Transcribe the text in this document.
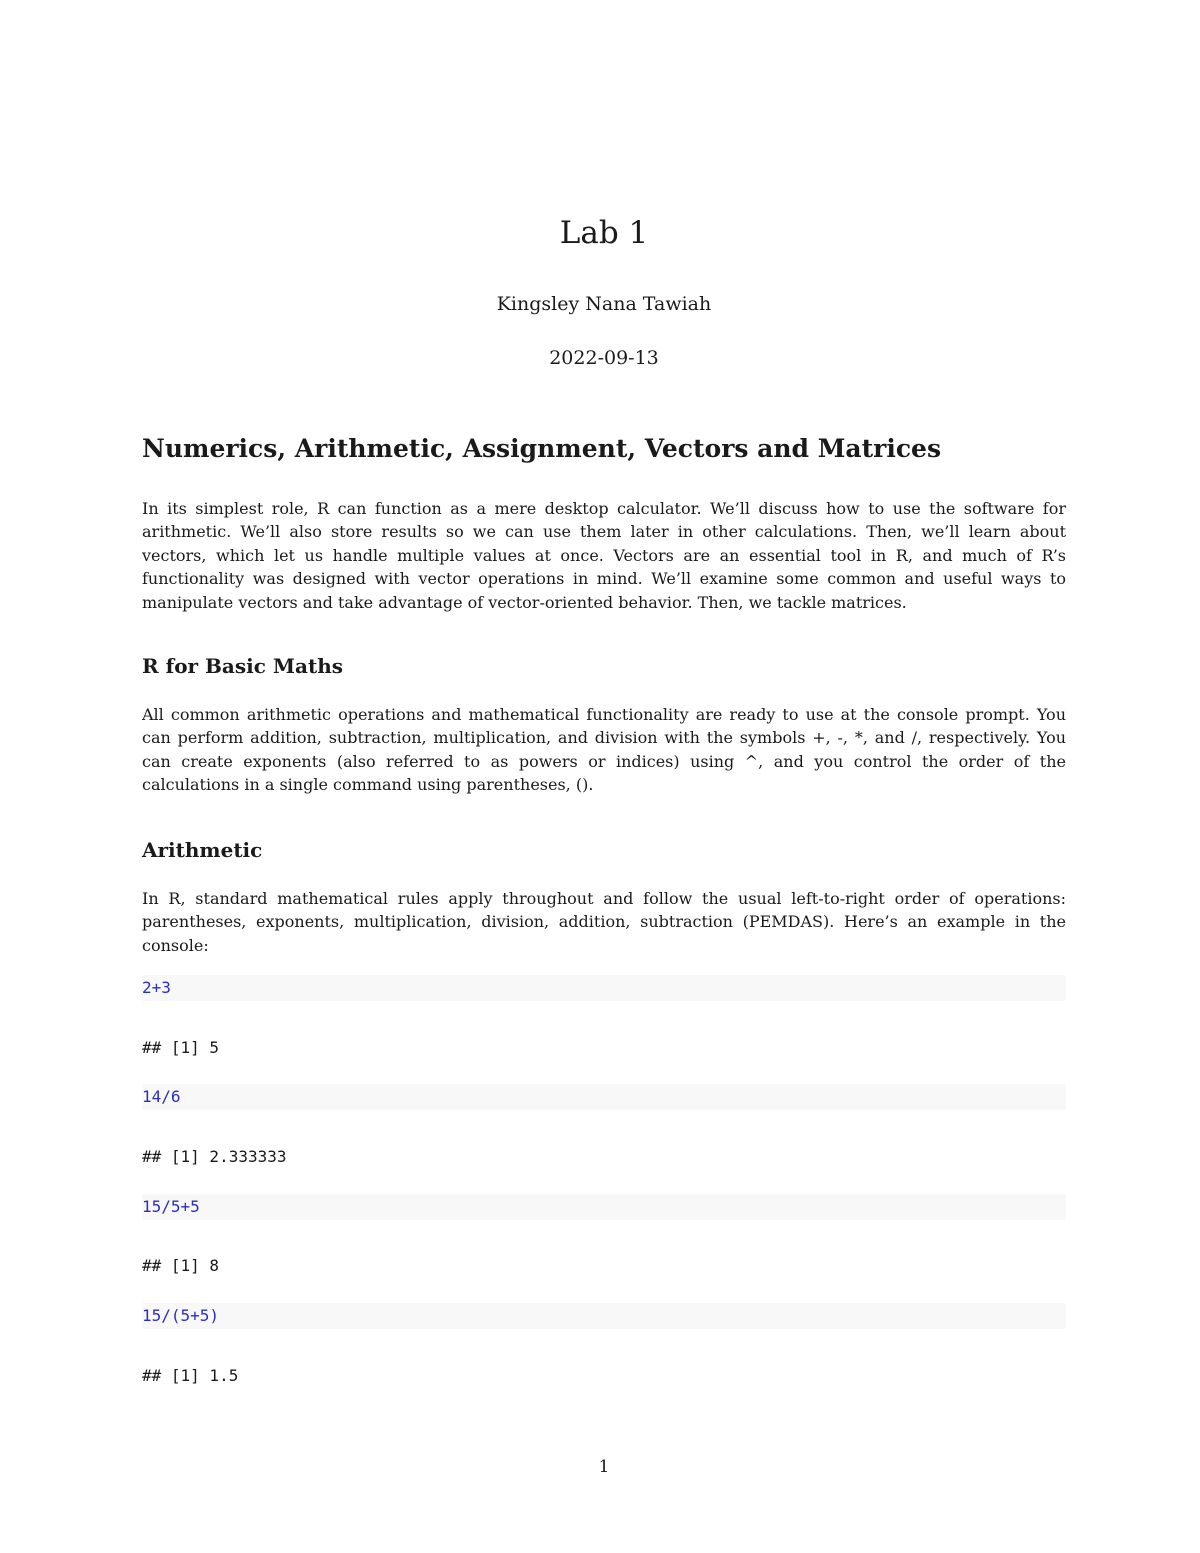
Lab 1
Kingsley Nana Tawiah
2022-09-13
Numerics, Arithmetic, Assignment, Vectors and Matrices

In its simplest role, R can function as a mere desktop calculator. We’ll discuss how to use the software for arithmetic. We’ll also store results so we can use them later in other calculations. Then, we’ll learn about vectors, which let us handle multiple values at once. Vectors are an essential tool in R, and much of R’s functionality was designed with vector operations in mind. We’ll examine some common and useful ways to manipulate vectors and take advantage of vector-oriented behavior. Then, we tackle matrices.

R for Basic Maths

All common arithmetic operations and mathematical functionality are ready to use at the console prompt. You can perform addition, subtraction, multiplication, and division with the symbols +, -, *, and /, respectively. You can create exponents (also referred to as powers or indices) using ^, and you control the order of the calculations in a single command using parentheses, ().

Arithmetic

In R, standard mathematical rules apply throughout and follow the usual left-to-right order of operations: parentheses, exponents, multiplication, division, addition, subtraction (PEMDAS). Here’s an example in the console:

2+3
## [1] 5
14/6
## [1] 2.333333
15/5+5
## [1] 8
15/(5+5)
## [1] 1.5
1
